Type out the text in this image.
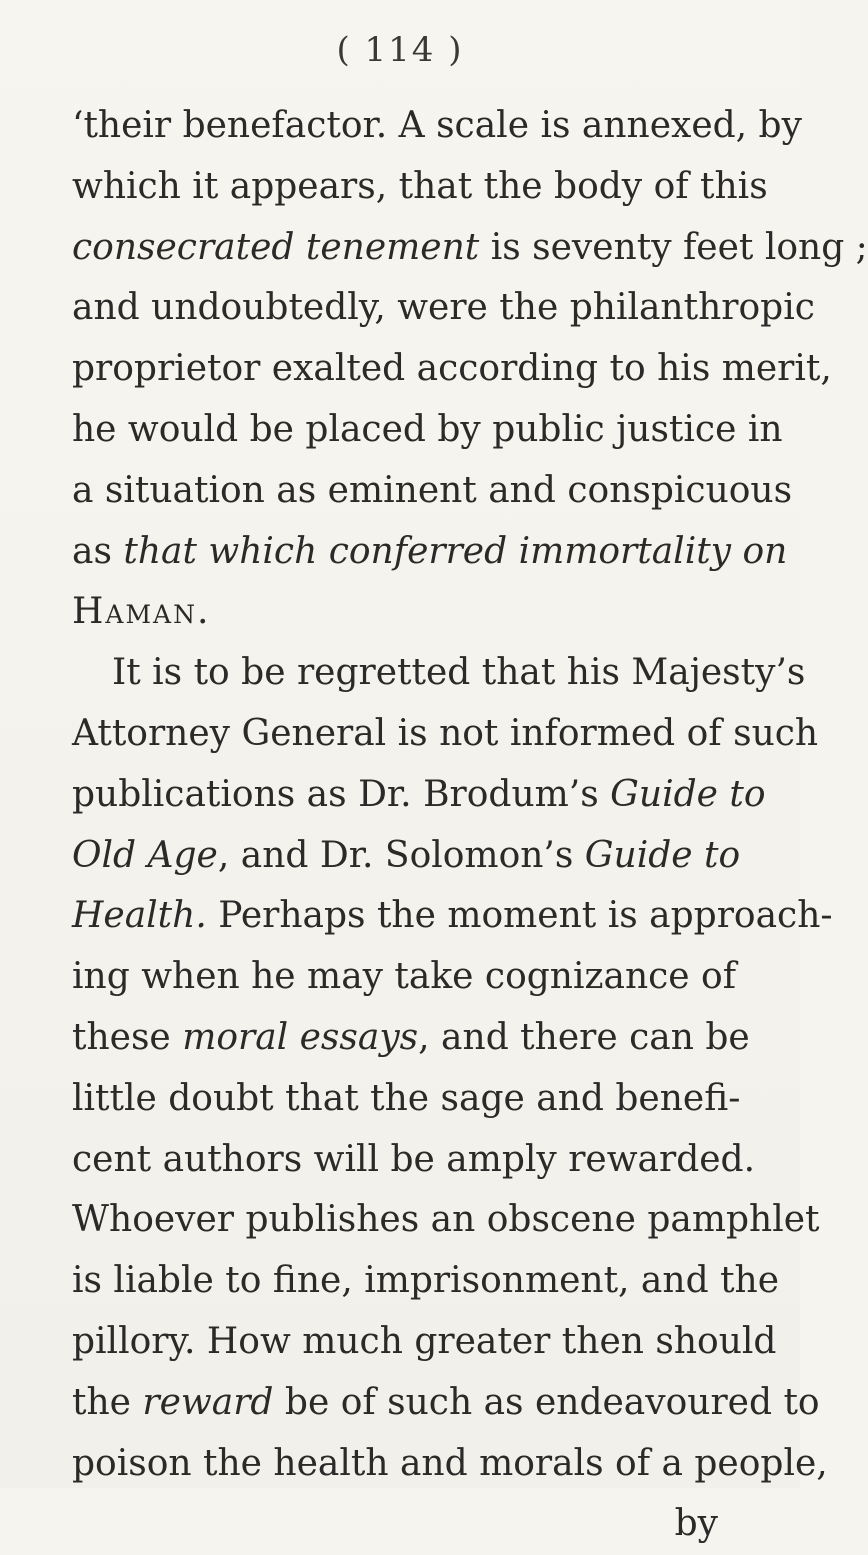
( 114 )
‘their benefactor. A scale is annexed, by
which it appears, that the body of this
consecrated tenement is seventy feet long ;
and undoubtedly, were the philanthropic
proprietor exalted according to his merit,
he would be placed by public justice in
a situation as eminent and conspicuous
as that which conferred immortality on
Haman.
It is to be regretted that his Majesty’s
Attorney General is not informed of such
publications as Dr. Brodum’s Guide to
Old Age, and Dr. Solomon’s Guide to
Health. Perhaps the moment is approach-
ing when he may take cognizance of
these moral essays, and there can be
little doubt that the sage and benefi-
cent authors will be amply rewarded.
Whoever publishes an obscene pamphlet
is liable to fine, imprisonment, and the
pillory. How much greater then should
the reward be of such as endeavoured to
poison the health and morals of a people,
by
